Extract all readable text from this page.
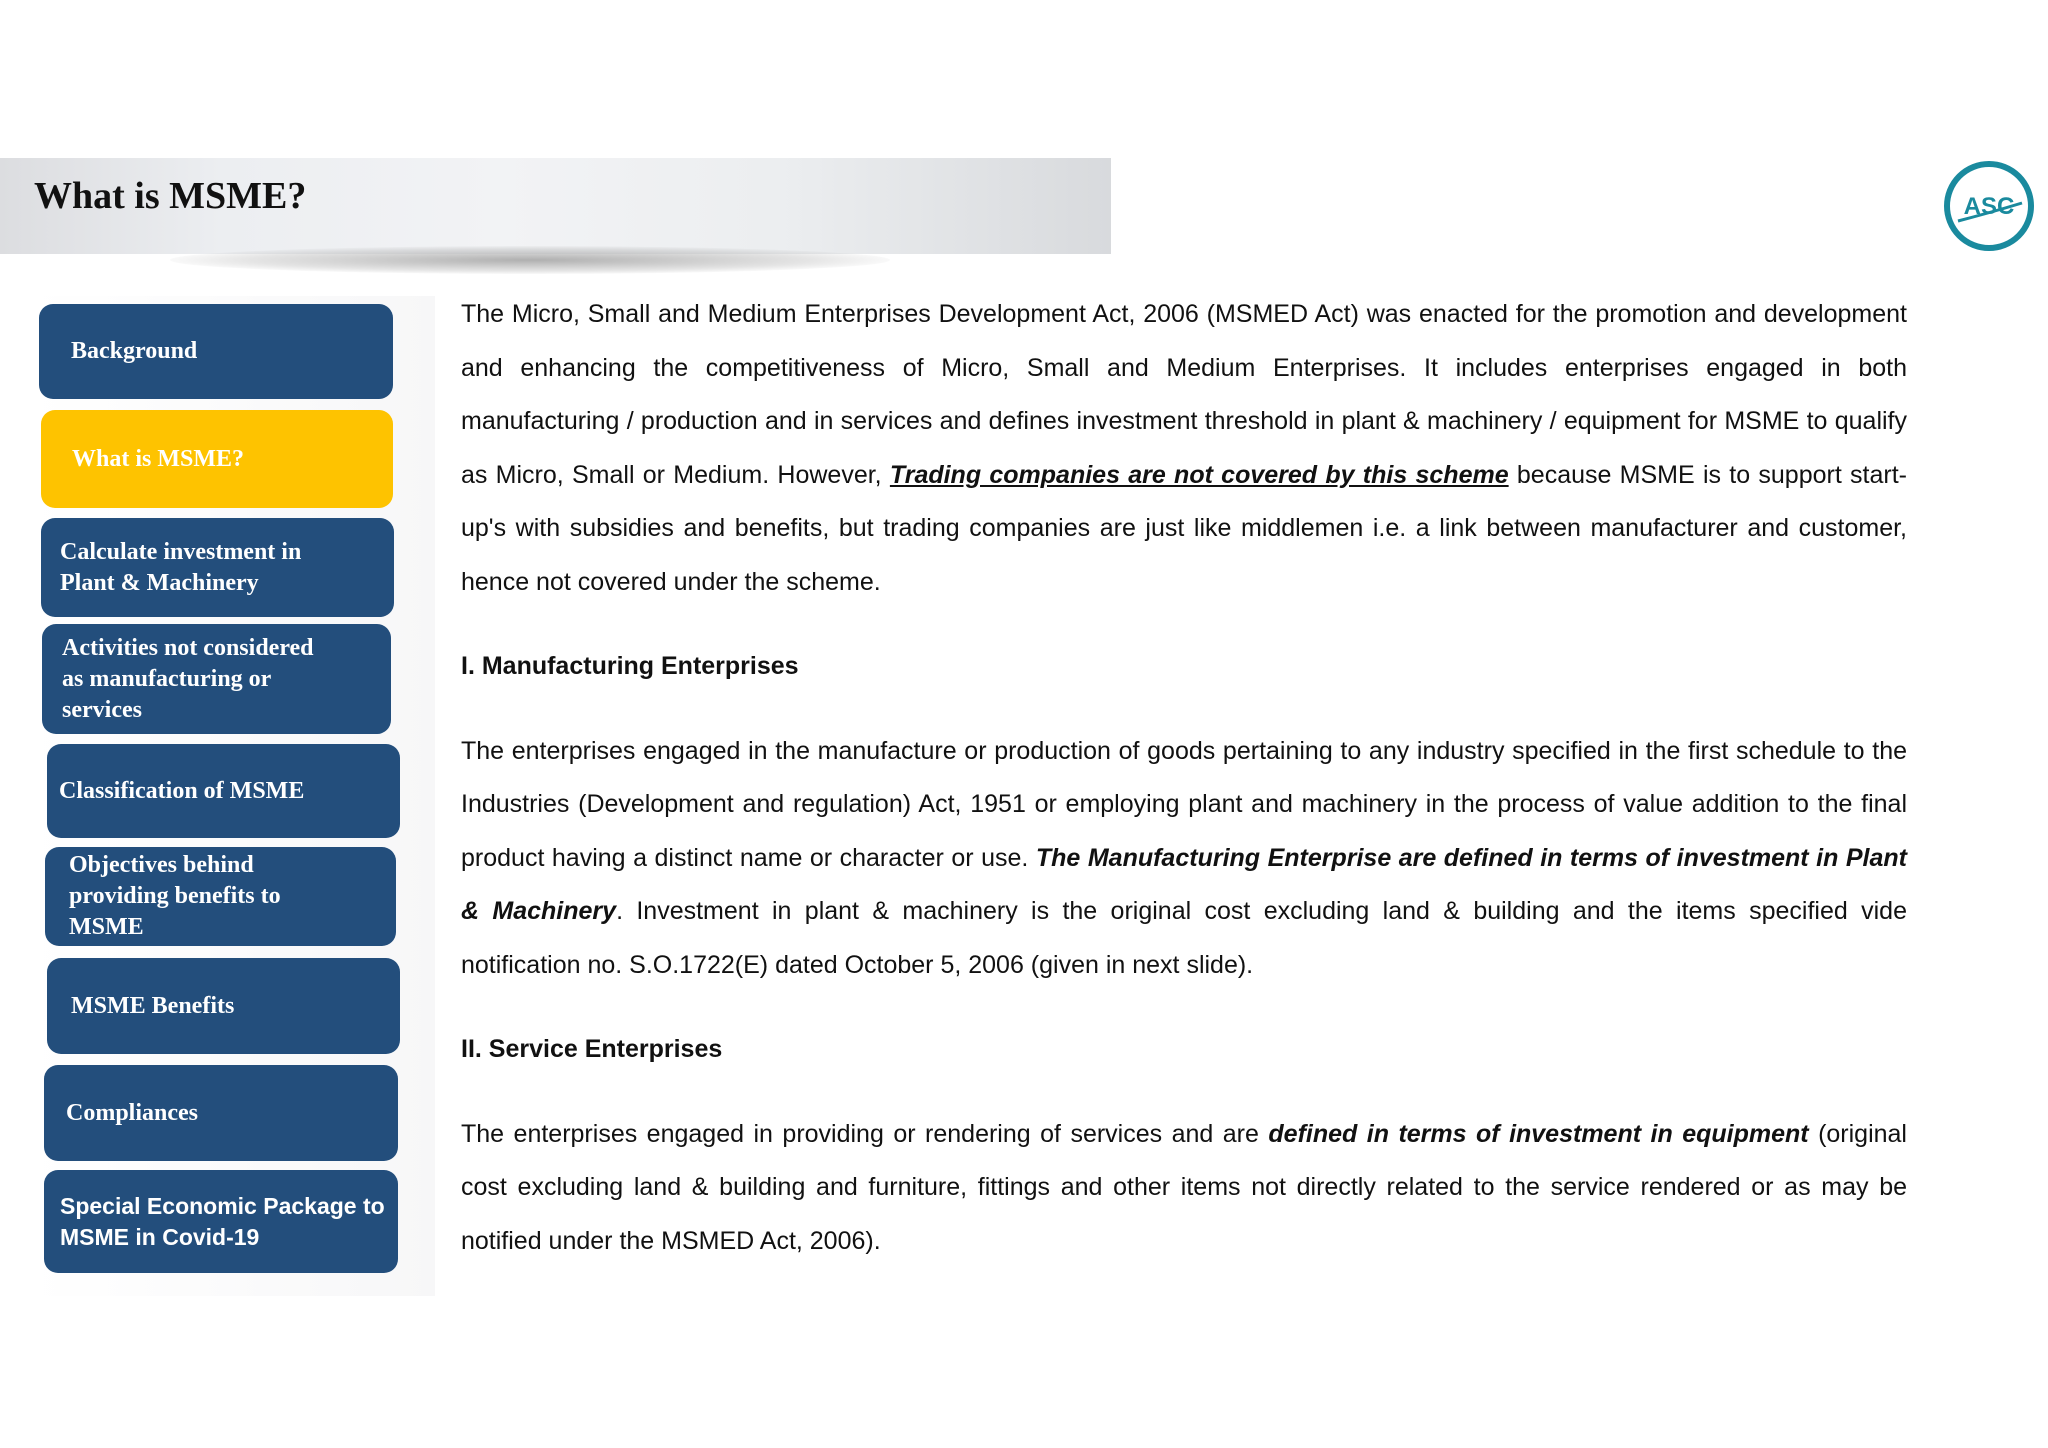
What is MSME?	ASC
Background
What is MSME?
Calculate investment in
Plant & Machinery
Activities not considered
as manufacturing or
services
Classification of MSME
Objectives behind
providing benefits to
MSME
MSME Benefits
Compliances
Special Economic Package to
MSME in Covid-19

The Micro, Small and Medium Enterprises Development Act, 2006 (MSMED Act) was enacted for the promotion and development and enhancing the competitiveness of Micro, Small and Medium Enterprises. It includes enterprises engaged in both manufacturing / production and in services and defines investment threshold in plant & machinery / equipment for MSME to qualify as Micro, Small or Medium. However, Trading companies are not covered by this scheme because MSME is to support start-up's with subsidies and benefits, but trading companies are just like middlemen i.e. a link between manufacturer and customer, hence not covered under the scheme.

I. Manufacturing Enterprises

The enterprises engaged in the manufacture or production of goods pertaining to any industry specified in the first schedule to the Industries (Development and regulation) Act, 1951 or employing plant and machinery in the process of value addition to the final product having a distinct name or character or use. The Manufacturing Enterprise are defined in terms of investment in Plant & Machinery. Investment in plant & machinery is the original cost excluding land & building and the items specified vide notification no. S.O.1722(E) dated October 5, 2006 (given in next slide).

II. Service Enterprises

The enterprises engaged in providing or rendering of services and are defined in terms of investment in equipment (original cost excluding land & building and furniture, fittings and other items not directly related to the service rendered or as may be notified under the MSMED Act, 2006).
